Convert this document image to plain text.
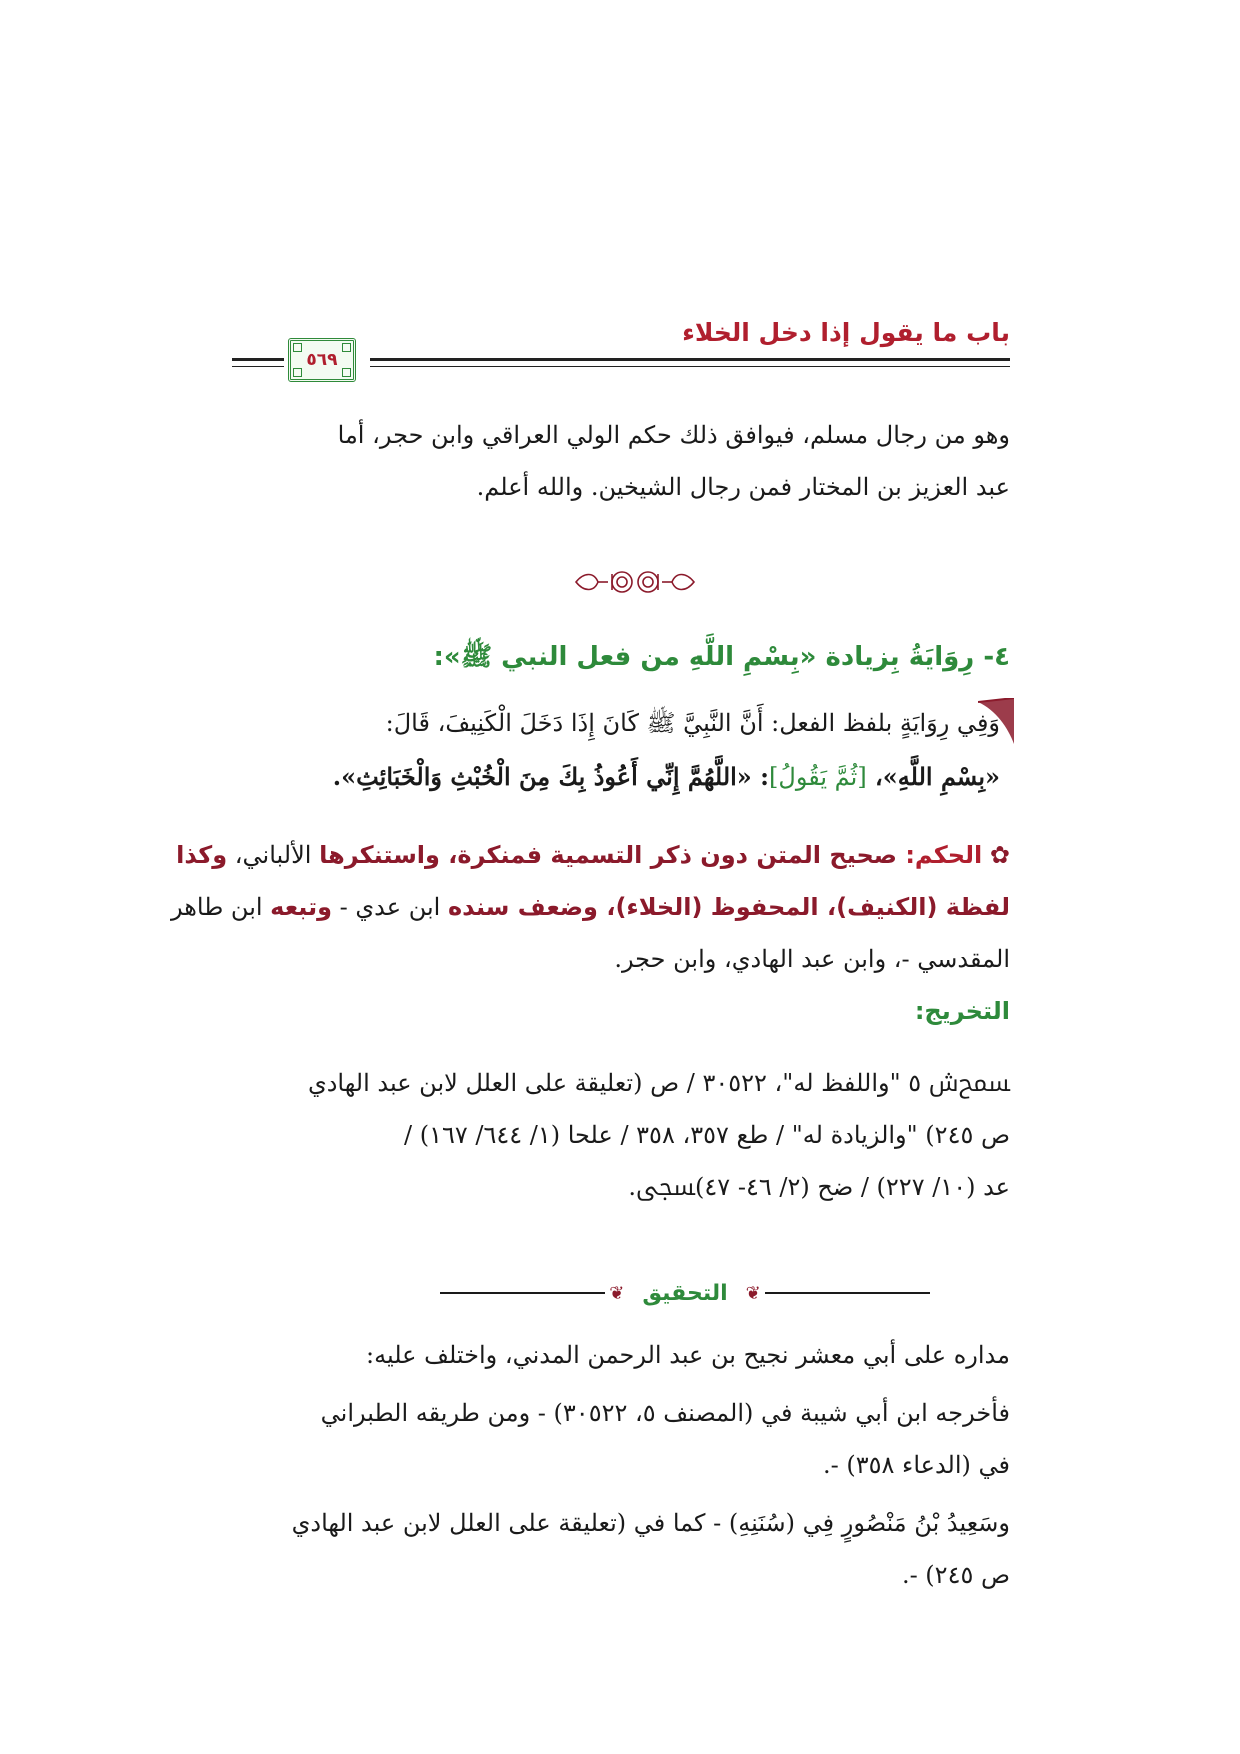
باب ما يقول إذا دخل الخلاء
٥٦٩
وهو من رجال مسلم، فيوافق ذلك حكم الولي العراقي وابن حجر، أما
عبد العزيز بن المختار فمن رجال الشيخين. والله أعلم.
٤- رِوَايَةُ بِزيادة «بِسْمِ اللَّهِ من فعل النبي ﷺ»:
وَفِي رِوَايَةٍ بلفظ الفعل: أَنَّ النَّبِيَّ ﷺ كَانَ إِذَا دَخَلَ الْكَنِيفَ، قَالَ:
«بِسْمِ اللَّهِ»، [ثُمَّ يَقُولُ]: «اللَّهُمَّ إِنِّي أَعُوذُ بِكَ مِنَ الْخُبْثِ وَالْخَبَائِثِ».
✿ الحكم: صحيح المتن دون ذكر التسمية فمنكرة، واستنكرها الألباني، وكذا
لفظة (الكنيف)، المحفوظ (الخلاء)، وضعف سنده ابن عدي - وتبعه ابن طاهر
المقدسي -، وابن عبد الهادي، وابن حجر.
التخريج:
ﵟش ٥ "واللفظ له"، ٣٠٥٢٢ / ص (تعليقة على العلل لابن عبد الهادي
ص ٢٤٥) "والزيادة له" / طع ٣٥٧، ٣٥٨ / علحا (١/ ٦٤٤/ ١٦٧) /
عد (١٠/ ٢٢٧) / ضح (٢/ ٤٦- ٤٧)ﵞ.
❦
التحقيق
❦
مداره على أبي معشر نجيح بن عبد الرحمن المدني، واختلف عليه:
فأخرجه ابن أبي شيبة في (المصنف ٥، ٣٠٥٢٢) - ومن طريقه الطبراني
في (الدعاء ٣٥٨) -.
وسَعِيدُ بْنُ مَنْصُورٍ فِي (سُنَنِهِ) - كما في (تعليقة على العلل لابن عبد الهادي
ص ٢٤٥) -.
